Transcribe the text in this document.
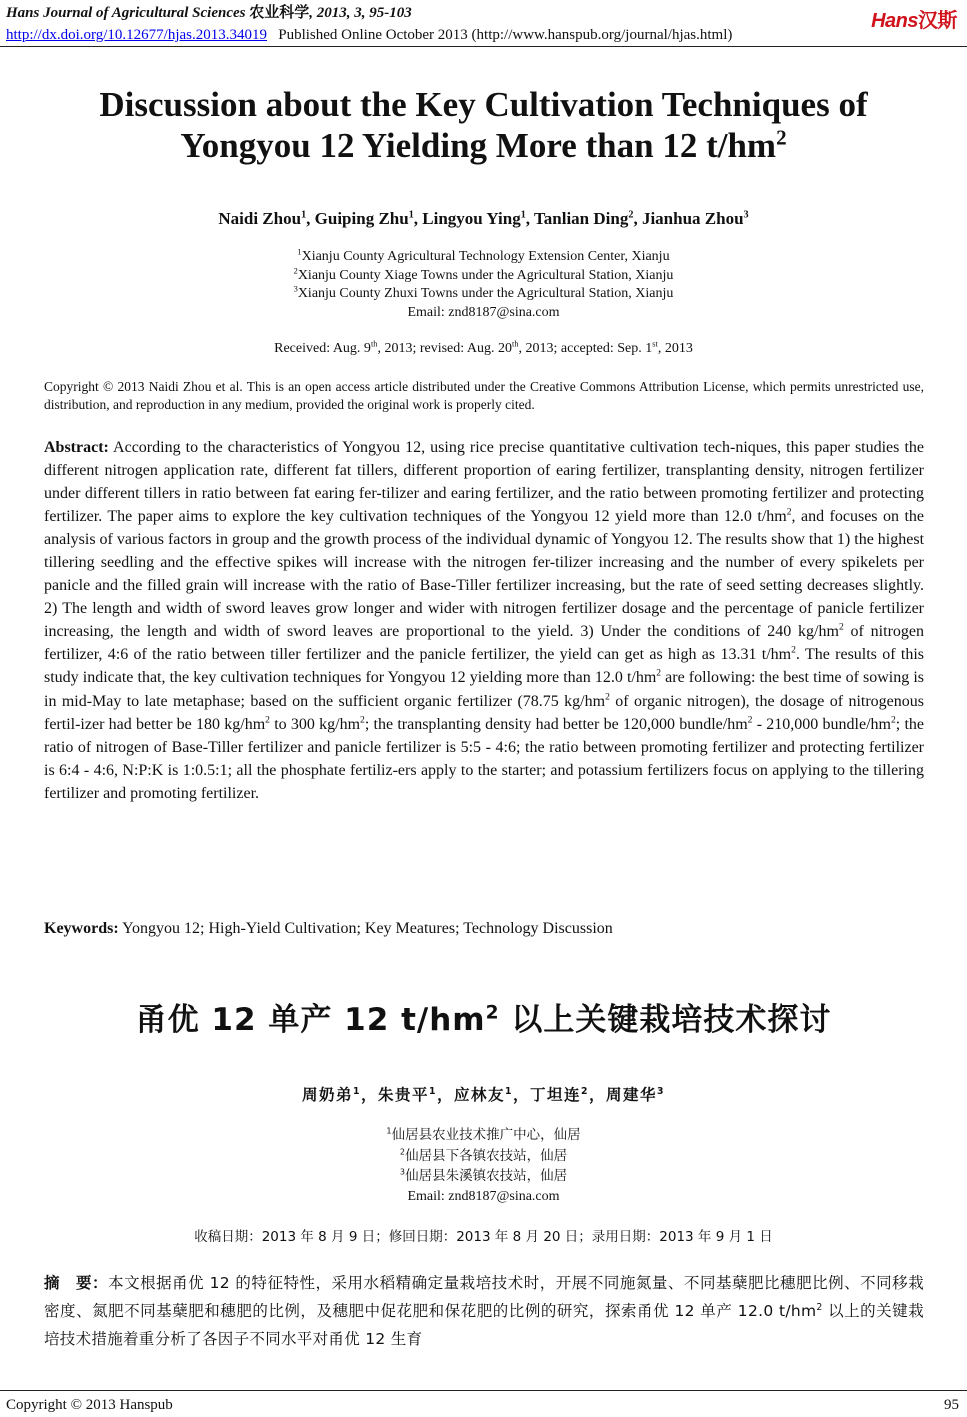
Hans Journal of Agricultural Sciences 农业科学, 2013, 3, 95-103
http://dx.doi.org/10.12677/hjas.2013.34019 Published Online October 2013 (http://www.hanspub.org/journal/hjas.html)
Hans汉斯
Discussion about the Key Cultivation Techniques of
Yongyou 12 Yielding More than 12 $t/hm^2$
Naidi Zhou$^1$, Guiping Zhu$^1$, Lingyou Ying$^1$, Tanlian Ding$^2$, Jianhua Zhou$^3$
$^1$Xianju County Agricultural Technology Extension Center, Xianju
$^2$Xianju County Xiage Towns under the Agricultural Station, Xianju
$^3$Xianju County Zhuxi Towns under the Agricultural Station, Xianju
Email: znd8187@sina.com
Received: Aug. 9th, 2013; revised: Aug. 20th, 2013; accepted: Sep. 1st, 2013
Copyright © 2013 Naidi Zhou et al. This is an open access article distributed under the Creative Commons Attribution License, which permits unrestricted use, distribution, and reproduction in any medium, provided the original work is properly cited.
Abstract: According to the characteristics of Yongyou 12, using rice precise quantitative cultivation tech-niques, this paper studies the different nitrogen application rate, different fat tillers, different proportion of earing fertilizer, transplanting density, nitrogen fertilizer under different tillers in ratio between fat earing fer-tilizer and earing fertilizer, and the ratio between promoting fertilizer and protecting fertilizer. The paper aims to explore the key cultivation techniques of the Yongyou 12 yield more than 12.0 $t/hm^2$, and focuses on the analysis of various factors in group and the growth process of the individual dynamic of Yongyou 12. The results show that 1) the highest tillering seedling and the effective spikes will increase with the nitrogen fer-tilizer increasing and the number of every spikelets per panicle and the filled grain will increase with the ratio of Base-Tiller fertilizer increasing, but the rate of seed setting decreases slightly. 2) The length and width of sword leaves grow longer and wider with nitrogen fertilizer dosage and the percentage of panicle fertilizer increasing, the length and width of sword leaves are proportional to the yield. 3) Under the conditions of 240 $kg/hm^2$ of nitrogen fertilizer, 4:6 of the ratio between tiller fertilizer and the panicle fertilizer, the yield can get as high as 13.31 $t/hm^2$. The results of this study indicate that, the key cultivation techniques for Yongyou 12 yielding more than 12.0 $t/hm^2$ are following: the best time of sowing is in mid-May to late metaphase; based on the sufficient organic fertilizer (78.75 $kg/hm^2$ of organic nitrogen), the dosage of nitrogenous fertil-izer had better be 180 $kg/hm^2$ to 300 $kg/hm^2$; the transplanting density had better be 120,000 bundle/$hm^2 - 210,000$ bundle/$hm^2$; the ratio of nitrogen of Base-Tiller fertilizer and panicle fertilizer is 5:5 - 4:6; the ratio between promoting fertilizer and protecting fertilizer is 6:4 - 4:6, N:P:K is 1:0.5:1; all the phosphate fertiliz-ers apply to the starter; and potassium fertilizers focus on applying to the tillering fertilizer and promoting fertilizer.
Keywords: Yongyou 12; High-Yield Cultivation; Key Meatures; Technology Discussion
甬优 12 单产 12 $t/hm^2$ 以上关键栽培技术探讨
周奶弟$^1$，朱贵平$^1$，应林友$^1$，丁坦连$^2$，周建华$^3$
$^1$仙居县农业技术推广中心，仙居
$^2$仙居县下各镇农技站，仙居
$^3$仙居县朱溪镇农技站，仙居
Email: znd8187@sina.com
收稿日期：2013 年 8 月 9 日；修回日期：2013 年 8 月 20 日；录用日期：2013 年 9 月 1 日
摘　要：本文根据甬优 12 的特征特性，采用水稻精确定量栽培技术时，开展不同施氮量、不同基蘖肥比穗肥比例、不同移栽密度、氮肥不同基蘖肥和穗肥的比例，及穗肥中促花肥和保花肥的比例的研究，探索甬优 12 单产 12.0 $t/hm^2$ 以上的关键栽培技术措施着重分析了各因子不同水平对甬优 12 生育
Copyright © 2013 Hanspub	95
